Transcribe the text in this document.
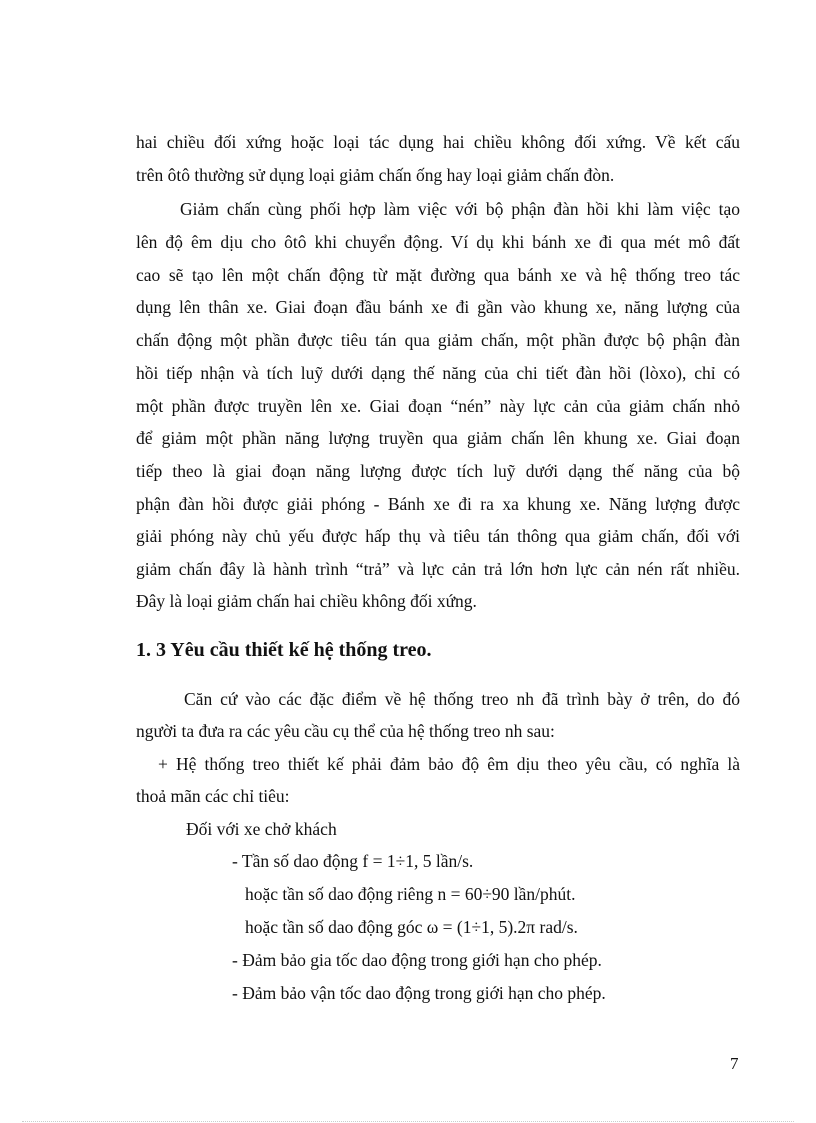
hai chiều đối xứng hoặc loại tác dụng hai chiều không đối xứng. Về kết cấu
trên ôtô thường sử dụng loại giảm chấn ống hay loại giảm chấn đòn.
Giảm chấn cùng phối hợp làm việc với bộ phận đàn hồi khi làm việc tạo
lên độ êm dịu cho ôtô khi chuyển động. Ví dụ khi bánh xe đi qua mét mô đất
cao sẽ tạo lên một chấn động từ mặt đường qua bánh xe và hệ thống treo tác
dụng lên thân xe. Giai đoạn đầu bánh xe đi gần vào khung xe, năng lượng của
chấn động một phần được tiêu tán qua giảm chấn, một phần được bộ phận đàn
hồi tiếp nhận và tích luỹ dưới dạng thế năng của chi tiết đàn hồi (lòxo), chỉ có
một phần được truyền lên xe. Giai đoạn “nén” này lực cản của giảm chấn nhỏ
để giảm một phần năng lượng truyền qua giảm chấn lên khung xe. Giai đoạn
tiếp theo là giai đoạn năng lượng được tích luỹ dưới dạng thế năng của bộ
phận đàn hồi được giải phóng - Bánh xe đi ra xa khung xe. Năng lượng được
giải phóng này chủ yếu được hấp thụ và tiêu tán thông qua giảm chấn, đối với
giảm chấn đây là hành trình “trả” và lực cản trả lớn hơn lực cản nén rất nhiều.
Đây là loại giảm chấn hai chiều không đối xứng.
1. 3 Yêu cầu thiết kế hệ thống treo.
Căn cứ vào các đặc điểm về hệ thống treo nh đã trình bày ở trên, do đó
người ta đưa ra các yêu cầu cụ thể của hệ thống treo nh sau:
+ Hệ thống treo thiết kế phải đảm bảo độ êm dịu theo yêu cầu, có nghĩa là
thoả mãn các chỉ tiêu:
Đối với xe chở khách
- Tần số dao động f = 1÷1, 5 lần/s.
hoặc tần số dao động riêng n = 60÷90 lần/phút.
hoặc tần số dao động góc ω = (1÷1, 5).2π rad/s.
- Đảm bảo gia tốc dao động trong giới hạn cho phép.
- Đảm bảo vận tốc dao động trong giới hạn cho phép.
7
